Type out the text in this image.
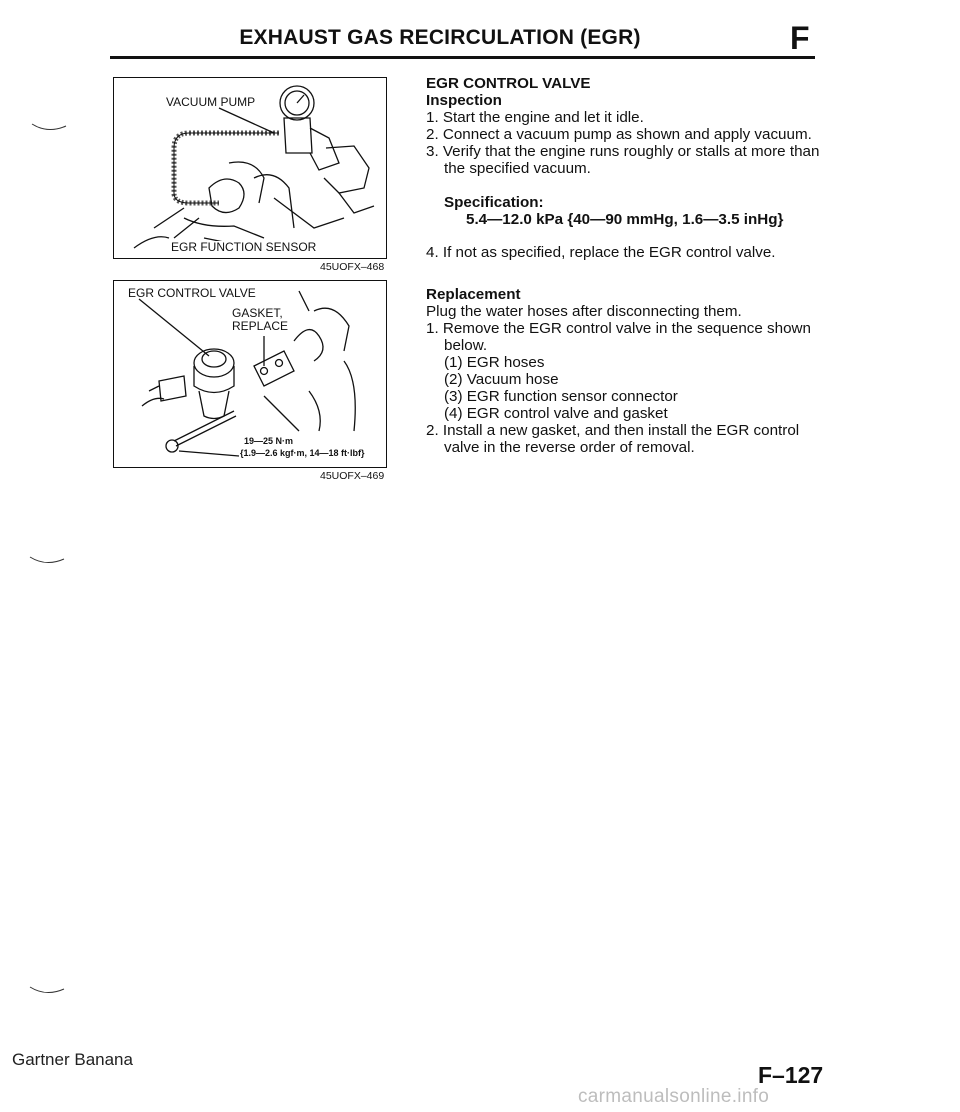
EXHAUST GAS RECIRCULATION (EGR)	F
VACUUM PUMP
EGR FUNCTION SENSOR
45UOFX–468
EGR CONTROL VALVE
GASKET,
REPLACE
19—25 N·m
{1.9—2.6 kgf·m, 14—18 ft·lbf}
45UOFX–469
EGR CONTROL VALVE
Inspection
1. Start the engine and let it idle.
2. Connect a vacuum pump as shown and apply vacuum.
3. Verify that the engine runs roughly or stalls at more than
the specified vacuum.
Specification:
5.4—12.0 kPa {40—90 mmHg, 1.6—3.5 inHg}
4. If not as specified, replace the EGR control valve.
Replacement
Plug the water hoses after disconnecting them.
1. Remove the EGR control valve in the sequence shown
below.
(1) EGR hoses
(2) Vacuum hose
(3) EGR function sensor connector
(4) EGR control valve and gasket
2. Install a new gasket, and then install the EGR control
valve in the reverse order of removal.
Gartner Banana
F–127
carmanualsonline.info
